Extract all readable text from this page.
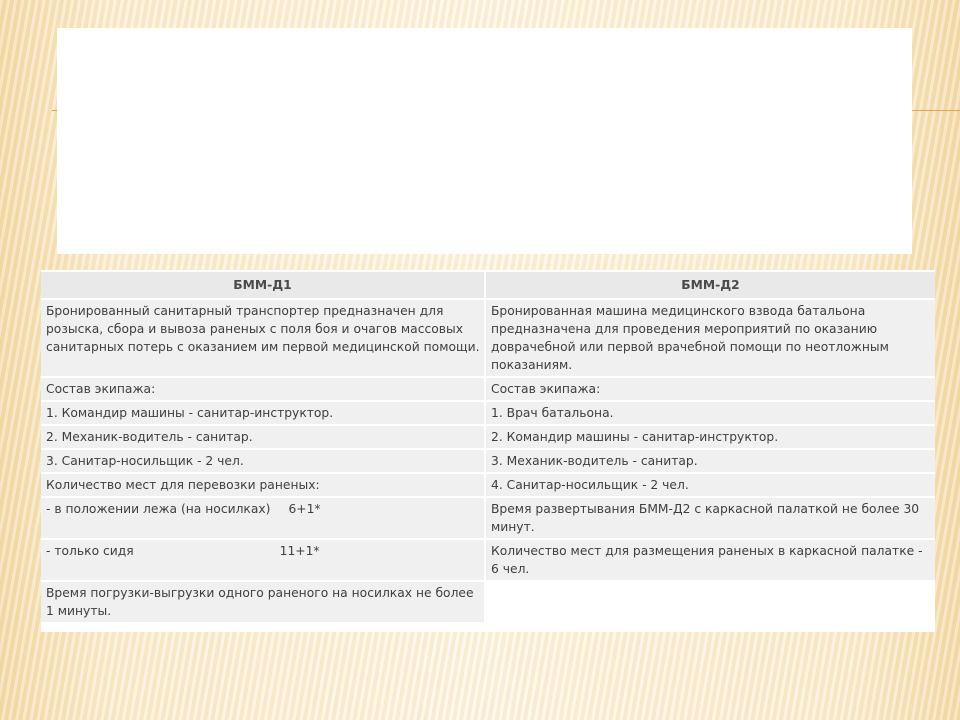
БММ-Д1	БММ-Д2
Бронированный санитарный транспортер предназначен для розыска, сбора и вывоза раненых с поля боя и очагов массовых санитарных потерь с оказанием им первой медицинской помощи.	Бронированная машина медицинского взвода батальона предназначена для проведения мероприятий по оказанию доврачебной или первой врачебной помощи по неотложным показаниям.
Состав экипажа:	Состав экипажа:
1. Командир машины - санитар-инструктор.	1. Врач батальона.
2. Механик-водитель - санитар.	2. Командир машины - санитар-инструктор.
3. Санитар-носильщик - 2 чел.	3. Механик-водитель - санитар.
Количество мест для перевозки раненых:	4. Санитар-носильщик - 2 чел.
- в положении лежа (на носилках) 6+1*	Время развертывания БММ-Д2 с каркасной палаткой не более 30 минут.
- только сидя 11+1*	Количество мест для размещения раненых в каркасной палатке - 6 чел.
Время погрузки-выгрузки одного раненого на носилках не более 1 минуты.	
